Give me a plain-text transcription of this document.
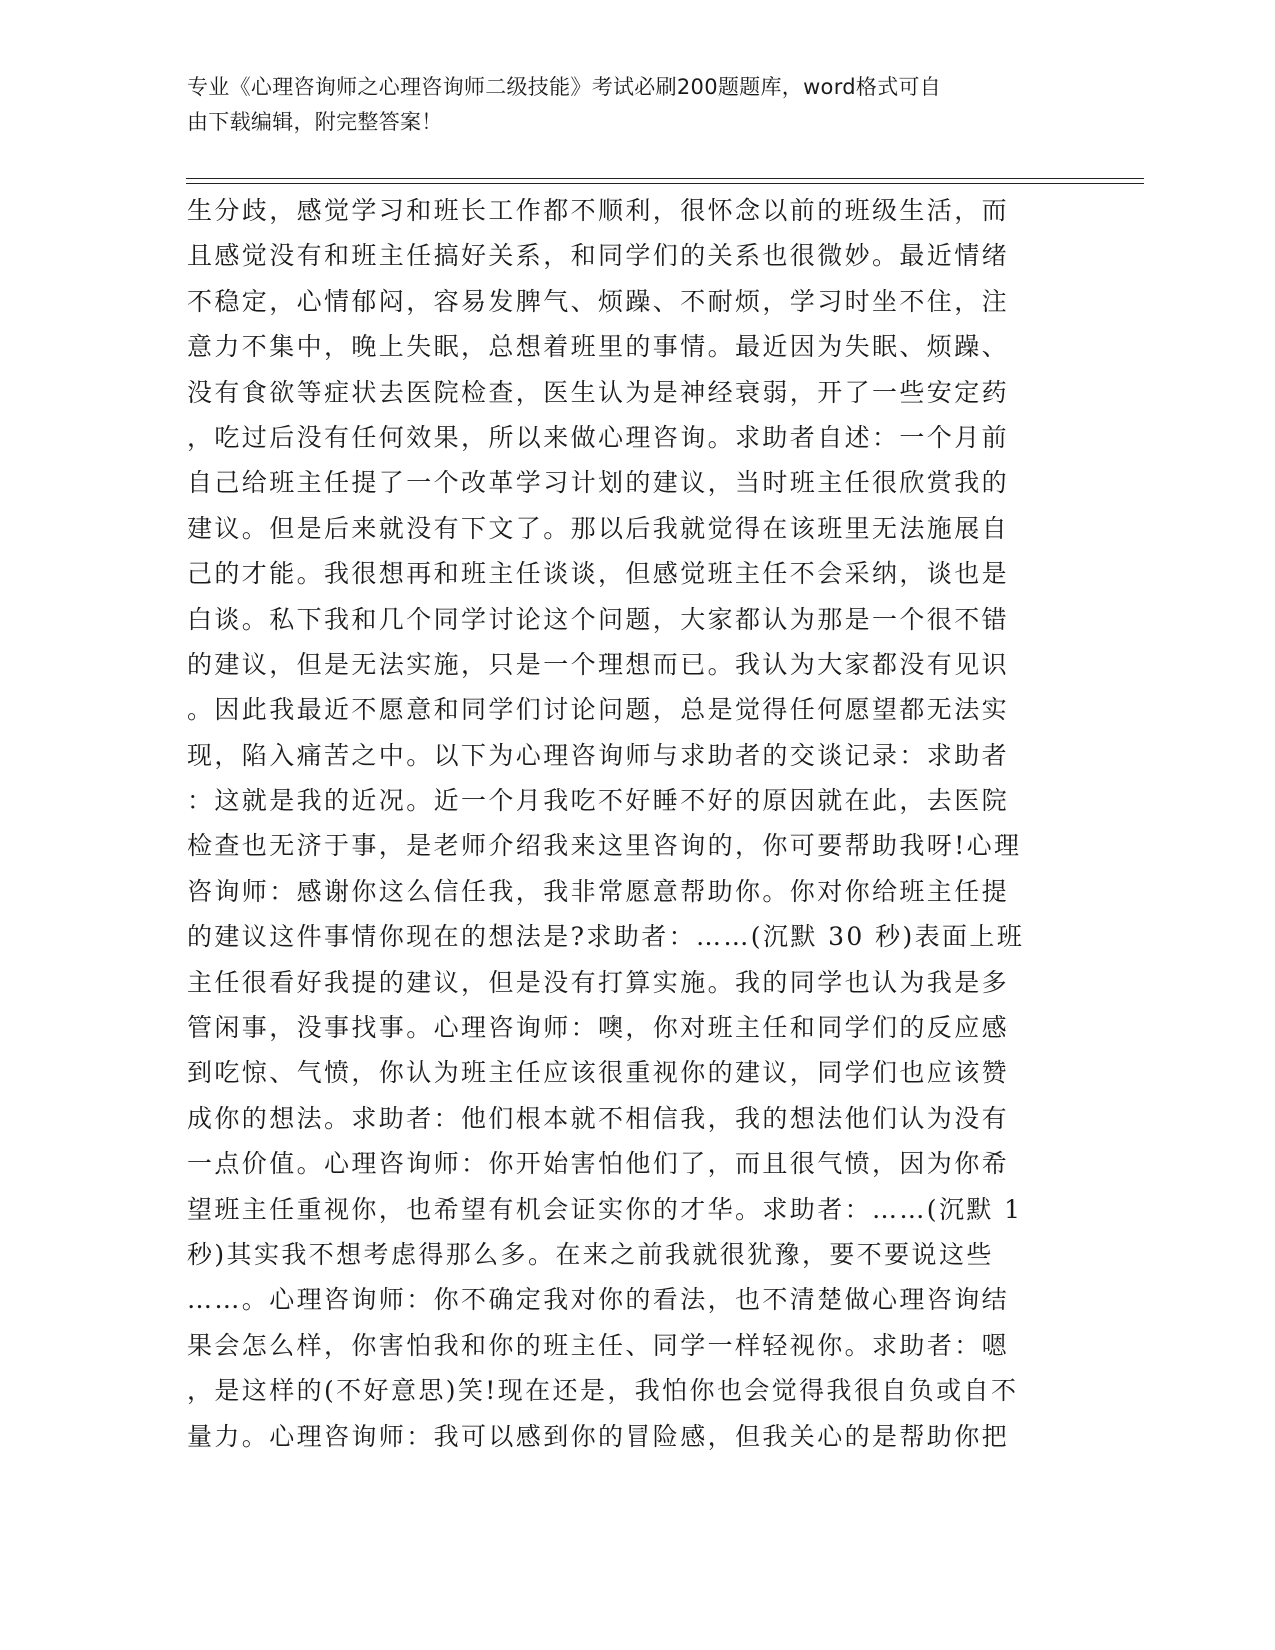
专业《心理咨询师之心理咨询师二级技能》考试必刷200题题库，word格式可自
由下载编辑，附完整答案！
生分歧，感觉学习和班长工作都不顺利，很怀念以前的班级生活，而
且感觉没有和班主任搞好关系，和同学们的关系也很微妙。最近情绪
不稳定，心情郁闷，容易发脾气、烦躁、不耐烦，学习时坐不住，注
意力不集中，晚上失眠，总想着班里的事情。最近因为失眠、烦躁、
没有食欲等症状去医院检查，医生认为是神经衰弱，开了一些安定药
，吃过后没有任何效果，所以来做心理咨询。求助者自述：一个月前
自己给班主任提了一个改革学习计划的建议，当时班主任很欣赏我的
建议。但是后来就没有下文了。那以后我就觉得在该班里无法施展自
己的才能。我很想再和班主任谈谈，但感觉班主任不会采纳，谈也是
白谈。私下我和几个同学讨论这个问题，大家都认为那是一个很不错
的建议，但是无法实施，只是一个理想而已。我认为大家都没有见识
。因此我最近不愿意和同学们讨论问题，总是觉得任何愿望都无法实
现，陷入痛苦之中。以下为心理咨询师与求助者的交谈记录：求助者
：这就是我的近况。近一个月我吃不好睡不好的原因就在此，去医院
检查也无济于事，是老师介绍我来这里咨询的，你可要帮助我呀!心理
咨询师：感谢你这么信任我，我非常愿意帮助你。你对你给班主任提
的建议这件事情你现在的想法是?求助者：……(沉默 30 秒)表面上班
主任很看好我提的建议，但是没有打算实施。我的同学也认为我是多
管闲事，没事找事。心理咨询师：噢，你对班主任和同学们的反应感
到吃惊、气愤，你认为班主任应该很重视你的建议，同学们也应该赞
成你的想法。求助者：他们根本就不相信我，我的想法他们认为没有
一点价值。心理咨询师：你开始害怕他们了，而且很气愤，因为你希
望班主任重视你，也希望有机会证实你的才华。求助者：……(沉默 1
秒)其实我不想考虑得那么多。在来之前我就很犹豫，要不要说这些
……。心理咨询师：你不确定我对你的看法，也不清楚做心理咨询结
果会怎么样，你害怕我和你的班主任、同学一样轻视你。求助者：嗯
，是这样的(不好意思)笑!现在还是，我怕你也会觉得我很自负或自不
量力。心理咨询师：我可以感到你的冒险感，但我关心的是帮助你把
